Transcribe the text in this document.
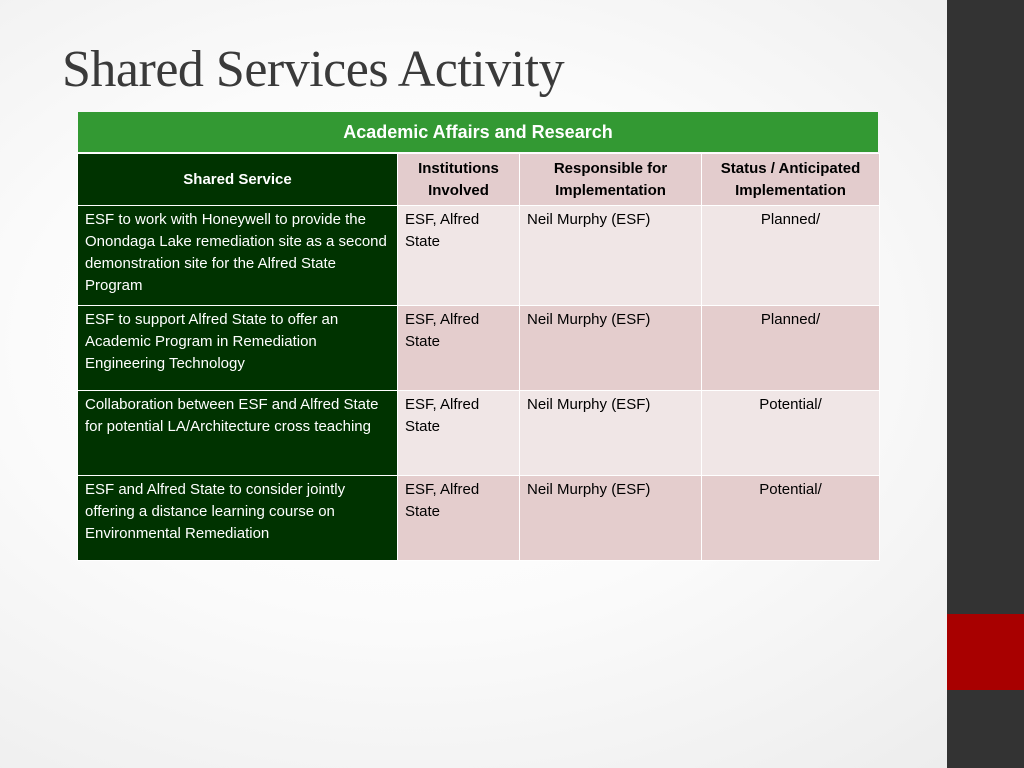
Shared Services Activity
Academic Affairs and Research
Shared Service	Institutions Involved	Responsible for Implementation	Status / Anticipated Implementation
ESF to work with Honeywell to provide the Onondaga Lake remediation site as a second demonstration site for the Alfred State Program	ESF, Alfred State	Neil Murphy (ESF)	Planned/
ESF to support Alfred State to offer an Academic Program in Remediation Engineering Technology	ESF, Alfred State	Neil Murphy (ESF)	Planned/
Collaboration between ESF and Alfred State for potential LA/Architecture cross teaching	ESF, Alfred State	Neil Murphy (ESF)	Potential/
ESF and Alfred State to consider jointly offering a distance learning course on Environmental Remediation	ESF, Alfred State	Neil Murphy (ESF)	Potential/
